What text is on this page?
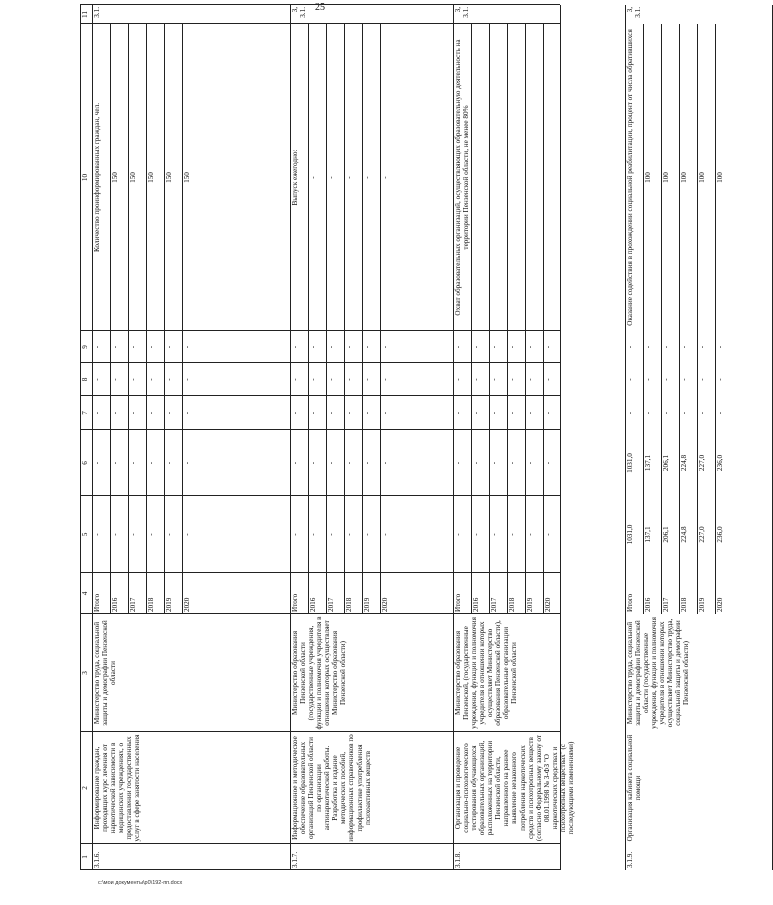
25
1
2
3
4
5
6
7
8
9
10
11
3.1.6.
Информирование граждан, проходящих курс лечения от наркотической зависимости в медицинских учреждениях, о предоставлении государственных услуг в сфере занятости населения
Министерство труда, социальной защиты и демографии Пензенской области
3.1.
Итого
-
-
-
-
-
Количество проинформированных граждан, чел.
2016
-
-
-
-
-
150
2017
-
-
-
-
-
150
2018
-
-
-
-
-
150
2019
-
-
-
-
-
150
2020
-
-
-
-
-
150
3.1.7.
Информационное и методическое обеспечение образовательных организаций Пензенской области по организации антинаркотической работы. Разработка и издание методических пособий, информационных справочников по профилактике употребления психоактивных веществ
Министерство образования Пензенской области (государственные учреждения, функции и полномочия учредителя в отношении которых осуществляет Министерство образования Пензенской области)
3, 3.1.
Итого
-
-
-
-
-
Выпуск ежегодно:
2016
-
-
-
-
-
-
2017
-
-
-
-
-
-
2018
-
-
-
-
-
-
2019
-
-
-
-
-
-
2020
-
-
-
-
-
-
3.1.8.
Организация и проведение социально-психологического тестирования обучающихся образовательных организаций, расположенных на территории Пензенской области, направленного на раннее выявление незаконного потребления наркотических средств и психотропных веществ (согласно Федеральному закону от 08.01.1998 № 3-ФЗ "О наркотических средствах и психотропных веществах" (с последующими изменениями)
Министерство образования Пензенской, (государственные учреждения, функции и полномочия учредителя в отношении которых осуществляет Министерство образования Пензенской области), образовательные организации Пензенской области
3, 3.1.
Итого
-
-
-
-
-
Охват образовательных организаций, осуществляющих образовательную деятельность на территории Пензенской области, не менее 80%
2016
-
-
-
-
-
2017
-
-
-
-
-
2018
-
-
-
-
-
2019
-
-
-
-
-
2020
-
-
-
-
-
3.1.9.
Организация кабинета социальной помощи
Министерство труда, социальной защиты и демографии Пензенской области (государственные учреждения, функции и полномочия учредителя в отношении которых осуществляет Министерство труда, социальной защиты и демографии Пензенской области)
3, 3.1.
Итого
1031,0
1031,0
-
-
-
Оказание содействия в прохождении социальной реабилитации, процент от числа обратившихся
2016
137,1
137,1
-
-
-
100
2017
206,1
206,1
-
-
-
100
2018
224,8
224,8
-
-
-
100
2019
227,0
227,0
-
-
-
100
2020
236,0
236,0
-
-
-
100
c:\мои документы\p0\192-пп.docx
